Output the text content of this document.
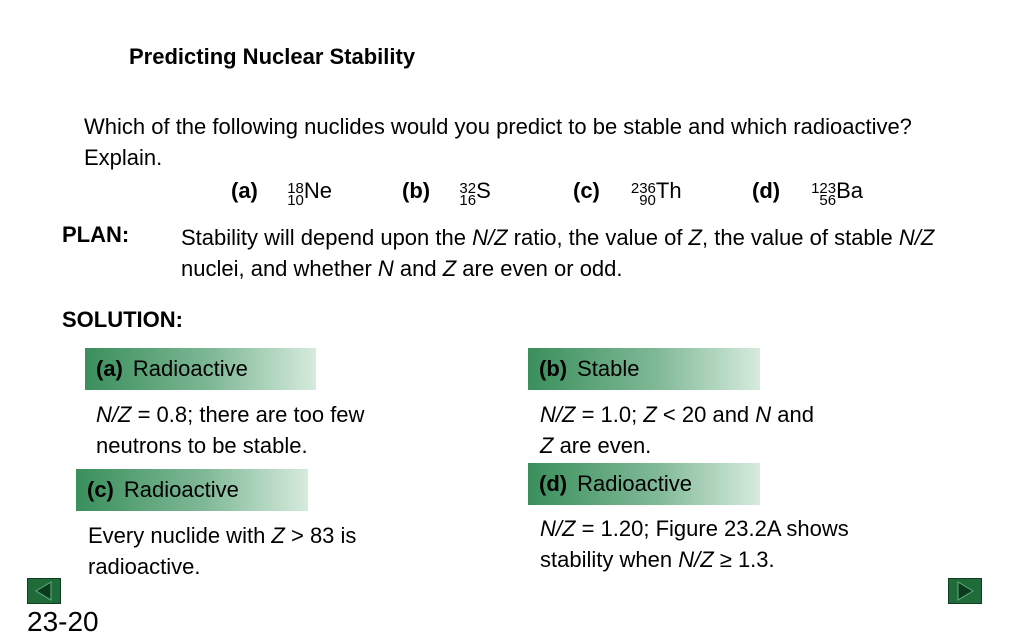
Predicting Nuclear Stability
Which of the following nuclides would you predict to be stable and which radioactive? Explain.
(a) 18
10 Ne	(b) 32
16 S	(c) 236
90 Th	(d) 123
56 Ba
PLAN: Stability will depend upon the N/Z ratio, the value of Z, the value of stable N/Z nuclei, and whether N and Z are even or odd.
SOLUTION:
(a) Radioactive
N/Z = 0.8; there are too few neutrons to be stable.
(b) Stable
N/Z = 1.0; Z < 20 and N and
Z are even.
(c) Radioactive
Every nuclide with Z > 83 is radioactive.
(d) Radioactive
N/Z = 1.20; Figure 23.2A shows stability when N/Z ≥ 1.3.
23-20
